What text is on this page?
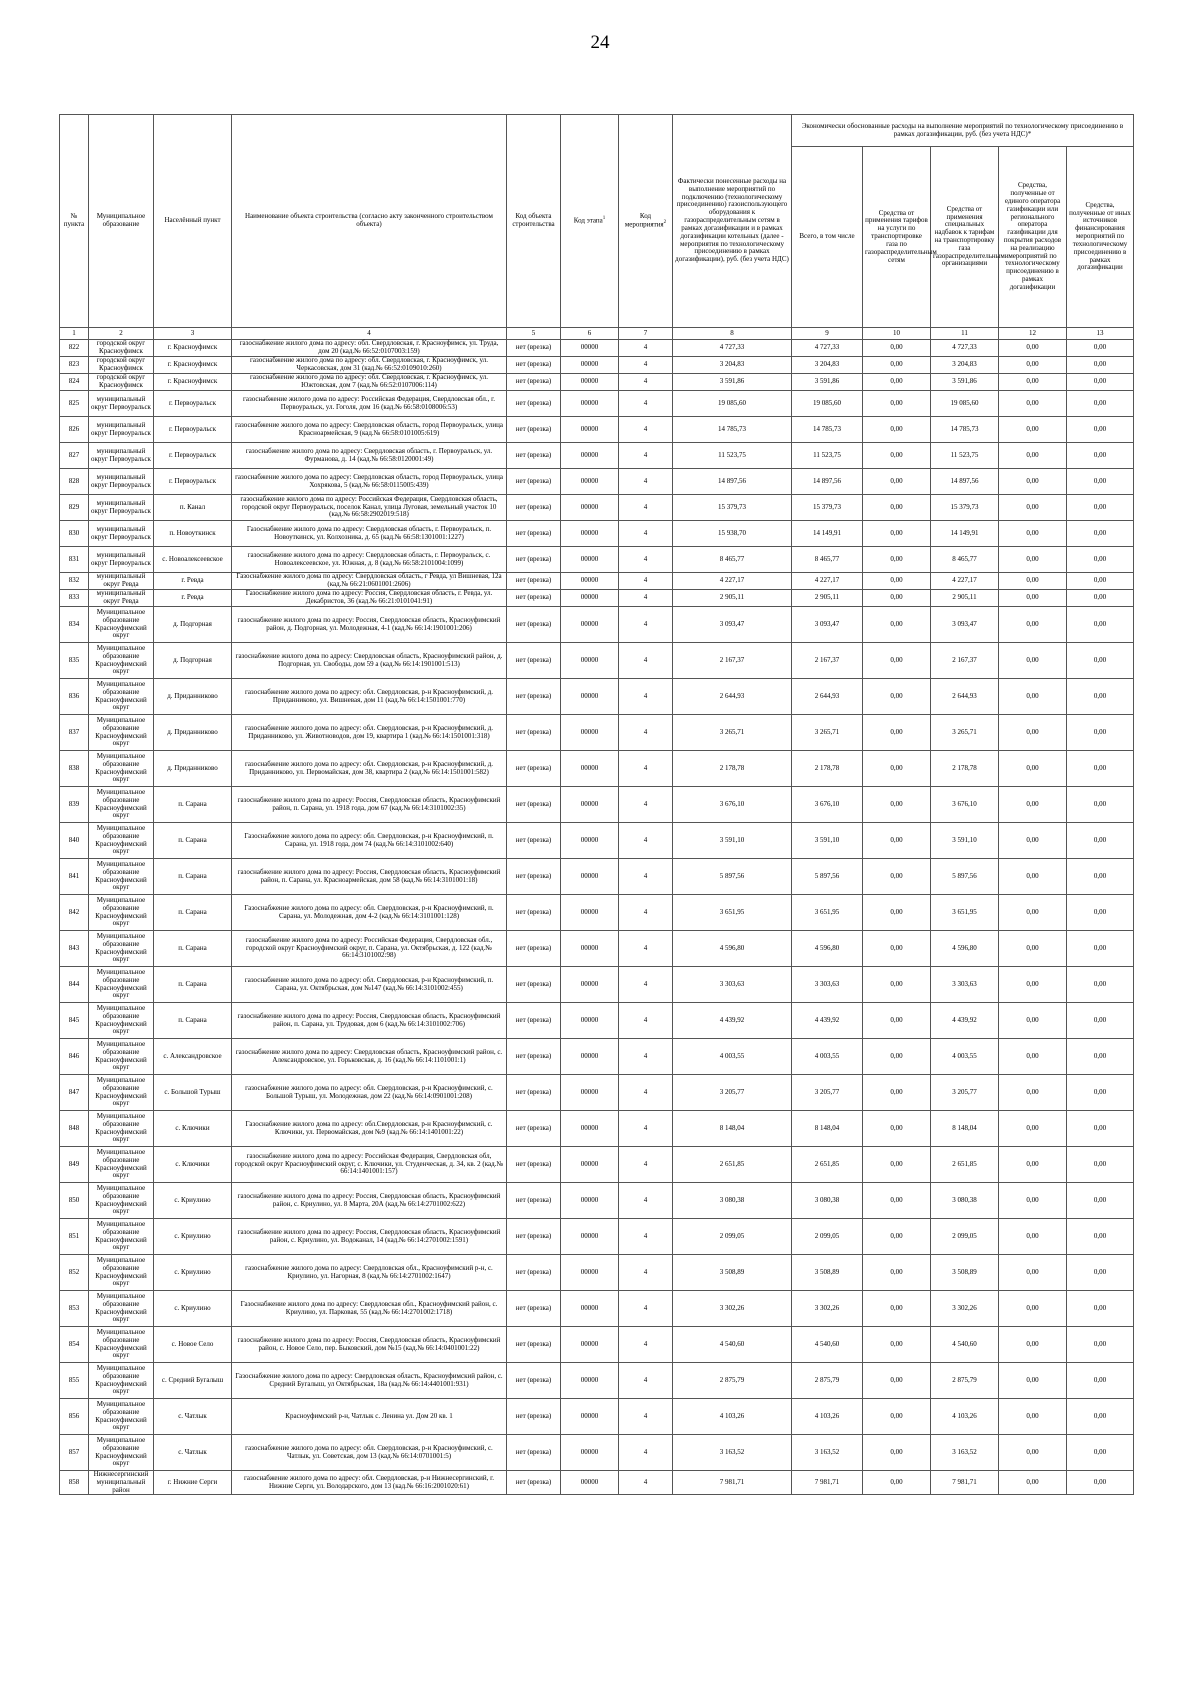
24
№ пункта	Муниципальное образование	Населённый пункт	Наименование объекта строительства (согласно акту законченного строительством объекта)	Код объекта строительства	Код этапа$^1$	Код мероприятия$^2$	Фактически понесенные расходы на выполнение мероприятий по подключению (технологическому присоединению) газоиспользующего оборудования к газораспределительным сетям в рамках догазификации и в рамках догазификации котельных (далее - мероприятия по технологическому присоединению в рамках догазификации), руб. (без учета НДС)	Экономически обоснованные расходы на выполнение мероприятий по технологическому присоединению в рамках догазификации, руб. (без учета НДС)*				
								Всего, в том числе	Средства от применения тарифов на услуги по транспортировке газа по газораспределительным сетям	Средства от применения специальных надбавок к тарифам на транспортировку газа газораспределительными организациями	Средства, полученные от единого оператора газификации или регионального оператора газификации для покрытия расходов на реализацию мероприятий по технологическому присоединению в рамках догазификации	Средства, полученные от иных источников финансирования мероприятий по технологическому присоединению в рамках догазификации
1	2	3	4	5	6	7	8	9	10	11	12	13
822	городской округ Красноуфимск	г. Красноуфимск	газоснабжение жилого дома по адресу: обл. Свердловская, г. Красноуфимск, ул. Труда, дом 20 (кад.№ 66:52:0107003:159)	нет (врезка)	00000	4	4 727,33	4 727,33	0,00	4 727,33	0,00	0,00
823	городской округ Красноуфимск	г. Красноуфимск	газоснабжение жилого дома по адресу: обл. Свердловская, г. Красноуфимск, ул. Черкасовская, дом 31 (кад.№ 66:52:0109010:260)	нет (врезка)	00000	4	3 204,83	3 204,83	0,00	3 204,83	0,00	0,00
824	городской округ Красноуфимск	г. Красноуфимск	газоснабжение жилого дома по адресу: обл. Свердловская, г. Красноуфимск, ул. Южтовская, дом 7 (кад.№ 66:52:0107006:114)	нет (врезка)	00000	4	3 591,86	3 591,86	0,00	3 591,86	0,00	0,00
825	муниципальный округ Первоуральск	г. Первоуральск	газоснабжение жилого дома по адресу: Российская Федерация, Свердловская обл., г. Первоуральск, ул. Гоголя, дом 16 (кад.№ 66:58:0108006:53)	нет (врезка)	00000	4	19 085,60	19 085,60	0,00	19 085,60	0,00	0,00
826	муниципальный округ Первоуральск	г. Первоуральск	газоснабжение жилого дома по адресу: Свердловская область, город Первоуральск, улица Красноармейская, 9 (кад.№ 66:58:0101005:619)	нет (врезка)	00000	4	14 785,73	14 785,73	0,00	14 785,73	0,00	0,00
827	муниципальный округ Первоуральск	г. Первоуральск	газоснабжение жилого дома по адресу: Свердловская область, г. Первоуральск, ул. Фурманова, д. 14 (кад.№ 66:58:0120001:49)	нет (врезка)	00000	4	11 523,75	11 523,75	0,00	11 523,75	0,00	0,00
828	муниципальный округ Первоуральск	г. Первоуральск	газоснабжение жилого дома по адресу: Свердловская область, город Первоуральск, улица Хохрякова, 5 (кад.№ 66:58:0115005:439)	нет (врезка)	00000	4	14 897,56	14 897,56	0,00	14 897,56	0,00	0,00
829	муниципальный округ Первоуральск	п. Канал	газоснабжение жилого дома по адресу: Российская Федерация, Свердловская область, городской округ Первоуральск, поселок Канал, улица Луговая, земельный участок 10 (кад.№ 66:58:2902019:518)	нет (врезка)	00000	4	15 379,73	15 379,73	0,00	15 379,73	0,00	0,00
830	муниципальный округ Первоуральск	п. Новоуткинск	Газоснабжение жилого дома по адресу: Свердловская область, г. Первоуральск, п. Новоуткинск, ул. Колхозника, д. 65 (кад.№ 66:58:1301001:1227)	нет (врезка)	00000	4	15 938,70	14 149,91	0,00	14 149,91	0,00	0,00
831	муниципальный округ Первоуральск	с. Новоалексеевское	газоснабжение жилого дома по адресу: Свердловская область, г. Первоуральск, с. Новоалексеевское, ул. Южная, д. 8 (кад.№ 66:58:2101004:1099)	нет (врезка)	00000	4	8 465,77	8 465,77	0,00	8 465,77	0,00	0,00
832	муниципальный округ Ревда	г. Ревда	Газоснабжение жилого дома по адресу: Свердловская область, г Ревда, ул Вишневая, 12а (кад.№ 66:21:0601001:2606)	нет (врезка)	00000	4	4 227,17	4 227,17	0,00	4 227,17	0,00	0,00
833	муниципальный округ Ревда	г. Ревда	Газоснабжение жилого дома по адресу: Россия, Свердловская область, г. Ревда, ул. Декабристов, 36 (кад.№ 66:21:0101041:91)	нет (врезка)	00000	4	2 905,11	2 905,11	0,00	2 905,11	0,00	0,00
834	Муниципальное образование Красноуфимский округ	д. Подгорная	газоснабжение жилого дома по адресу: Россия, Свердловская область, Красноуфимский район, д. Подгорная, ул. Молодежная, 4-1 (кад.№ 66:14:1901001:206)	нет (врезка)	00000	4	3 093,47	3 093,47	0,00	3 093,47	0,00	0,00
835	Муниципальное образование Красноуфимский округ	д. Подгорная	газоснабжение жилого дома по адресу: Свердловская область, Красноуфимский район, д. Подгорная, ул. Свободы, дом 59 а (кад.№ 66:14:1901001:513)	нет (врезка)	00000	4	2 167,37	2 167,37	0,00	2 167,37	0,00	0,00
836	Муниципальное образование Красноуфимский округ	д. Приданниково	газоснабжение жилого дома по адресу: обл. Свердловская, р-н Красноуфимский, д. Приданниково, ул. Вишневая, дом 11 (кад.№ 66:14:1501001:770)	нет (врезка)	00000	4	2 644,93	2 644,93	0,00	2 644,93	0,00	0,00
837	Муниципальное образование Красноуфимский округ	д. Приданниково	газоснабжение жилого дома по адресу: обл. Свердловская, р-н Красноуфимский, д. Приданниково, ул. Животноводов, дом 19, квартира 1 (кад.№ 66:14:1501001:318)	нет (врезка)	00000	4	3 265,71	3 265,71	0,00	3 265,71	0,00	0,00
838	Муниципальное образование Красноуфимский округ	д. Приданниково	газоснабжение жилого дома по адресу: обл. Свердловская, р-н Красноуфимский, д. Приданниково, ул. Первомайская, дом 38, квартира 2 (кад.№ 66:14:1501001:582)	нет (врезка)	00000	4	2 178,78	2 178,78	0,00	2 178,78	0,00	0,00
839	Муниципальное образование Красноуфимский округ	п. Сарана	газоснабжение жилого дома по адресу: Россия, Свердловская область, Красноуфимский район, п. Сарана, ул. 1918 года, дом 67 (кад.№ 66:14:3101002:35)	нет (врезка)	00000	4	3 676,10	3 676,10	0,00	3 676,10	0,00	0,00
840	Муниципальное образование Красноуфимский округ	п. Сарана	Газоснабжение жилого дома по адресу: обл. Свердловская, р-н Красноуфимский, п. Сарана, ул. 1918 года, дом 74 (кад.№ 66:14:3101002:640)	нет (врезка)	00000	4	3 591,10	3 591,10	0,00	3 591,10	0,00	0,00
841	Муниципальное образование Красноуфимский округ	п. Сарана	газоснабжение жилого дома по адресу: Россия, Свердловская область, Красноуфимский район, п. Сарана, ул. Красноармейская, дом 58 (кад.№ 66:14:3101001:18)	нет (врезка)	00000	4	5 897,56	5 897,56	0,00	5 897,56	0,00	0,00
842	Муниципальное образование Красноуфимский округ	п. Сарана	Газоснабжение жилого дома по адресу: обл. Свердловская, р-н Красноуфимский, п. Сарана, ул. Молодежная, дом 4-2 (кад.№ 66:14:3101001:128)	нет (врезка)	00000	4	3 651,95	3 651,95	0,00	3 651,95	0,00	0,00
843	Муниципальное образование Красноуфимский округ	п. Сарана	газоснабжение жилого дома по адресу: Российская Федерация, Свердловская обл., городской округ Красноуфимский округ, п. Сарана, ул. Октябрьская, д. 122 (кад.№ 66:14:3101002:98)	нет (врезка)	00000	4	4 596,80	4 596,80	0,00	4 596,80	0,00	0,00
844	Муниципальное образование Красноуфимский округ	п. Сарана	газоснабжение жилого дома по адресу: обл. Свердловская, р-н Красноуфимский, п. Сарана, ул. Октябрьская, дом №147 (кад.№ 66:14:3101002:455)	нет (врезка)	00000	4	3 303,63	3 303,63	0,00	3 303,63	0,00	0,00
845	Муниципальное образование Красноуфимский округ	п. Сарана	газоснабжение жилого дома по адресу: Россия, Свердловская область, Красноуфимский район, п. Сарана, ул. Трудовая, дом 6 (кад.№ 66:14:3101002:706)	нет (врезка)	00000	4	4 439,92	4 439,92	0,00	4 439,92	0,00	0,00
846	Муниципальное образование Красноуфимский округ	с. Александровское	газоснабжение жилого дома по адресу: Свердловская область, Красноуфимский район, с. Александровское, ул. Горьковская, д. 16 (кад.№ 66:14:1101001:1)	нет (врезка)	00000	4	4 003,55	4 003,55	0,00	4 003,55	0,00	0,00
847	Муниципальное образование Красноуфимский округ	с. Большой Турыш	газоснабжение жилого дома по адресу: обл. Свердловская, р-н Красноуфимский, с. Большой Турыш, ул. Молодежная, дом 22 (кад.№ 66:14:0901001:208)	нет (врезка)	00000	4	3 205,77	3 205,77	0,00	3 205,77	0,00	0,00
848	Муниципальное образование Красноуфимский округ	с. Ключики	Газоснабжение жилого дома по адресу: обл.Свердловская, р-н Красноуфимский, с. Ключики, ул. Первомайская, дом №9 (кад.№ 66:14:1401001:22)	нет (врезка)	00000	4	8 148,04	8 148,04	0,00	8 148,04	0,00	0,00
849	Муниципальное образование Красноуфимский округ	с. Ключики	газоснабжение жилого дома по адресу: Российская Федерация, Свердловская обл, городской округ Красноуфимский округ, с. Ключики, ул. Студенческая, д. 34, кв. 2 (кад.№ 66:14:1401001:157)	нет (врезка)	00000	4	2 651,85	2 651,85	0,00	2 651,85	0,00	0,00
850	Муниципальное образование Красноуфимский округ	с. Криулино	газоснабжение жилого дома по адресу: Россия, Свердловская область, Красноуфимский район, с. Криулино, ул. 8 Марта, 20А (кад.№ 66:14:2701002:622)	нет (врезка)	00000	4	3 080,38	3 080,38	0,00	3 080,38	0,00	0,00
851	Муниципальное образование Красноуфимский округ	с. Криулино	газоснабжение жилого дома по адресу: Россия, Свердловская область, Красноуфимский район, с. Криулино, ул. Водоканал, 14 (кад.№ 66:14:2701002:1591)	нет (врезка)	00000	4	2 099,05	2 099,05	0,00	2 099,05	0,00	0,00
852	Муниципальное образование Красноуфимский округ	с. Криулино	газоснабжение жилого дома по адресу: Свердловская обл., Красноуфимский р-н, с. Криулино, ул. Нагорная, 8 (кад.№ 66:14:2701002:1647)	нет (врезка)	00000	4	3 508,89	3 508,89	0,00	3 508,89	0,00	0,00
853	Муниципальное образование Красноуфимский округ	с. Криулино	Газоснабжение жилого дома по адресу: Свердловская обл., Красноуфимский район, с. Криулино, ул. Парковая, 55 (кад.№ 66:14:2701002:1718)	нет (врезка)	00000	4	3 302,26	3 302,26	0,00	3 302,26	0,00	0,00
854	Муниципальное образование Красноуфимский округ	с. Новое Село	газоснабжение жилого дома по адресу: Россия, Свердловская область, Красноуфимский район, с. Новое Село, пер. Быковский, дом №15 (кад.№ 66:14:0401001:22)	нет (врезка)	00000	4	4 540,60	4 540,60	0,00	4 540,60	0,00	0,00
855	Муниципальное образование Красноуфимский округ	с. Средний Бугалыш	Газоснабжение жилого дома по адресу: Свердловская область, Красноуфимский район, с. Средний Бугалыш, ул Октябрьская, 18а (кад.№ 66:14:4401001:931)	нет (врезка)	00000	4	2 875,79	2 875,79	0,00	2 875,79	0,00	0,00
856	Муниципальное образование Красноуфимский округ	с. Чатлык	Красноуфимский р-н, Чатлык с. Ленина ул. Дом 20 кв. 1	нет (врезка)	00000	4	4 103,26	4 103,26	0,00	4 103,26	0,00	0,00
857	Муниципальное образование Красноуфимский округ	с. Чатлык	газоснабжение жилого дома по адресу: обл. Свердловская, р-н Красноуфимский, с. Чатлык, ул. Советская, дом 13 (кад.№ 66:14:0701001:5)	нет (врезка)	00000	4	3 163,52	3 163,52	0,00	3 163,52	0,00	0,00
858	Нижнесергинский муниципальный район	г. Нижние Серги	газоснабжение жилого дома по адресу: обл. Свердловская, р-н Нижнесергинский, г. Нижние Серги, ул. Володарского, дом 13 (кад.№ 66:16:2001020:61)	нет (врезка)	00000	4	7 981,71	7 981,71	0,00	7 981,71	0,00	0,00
